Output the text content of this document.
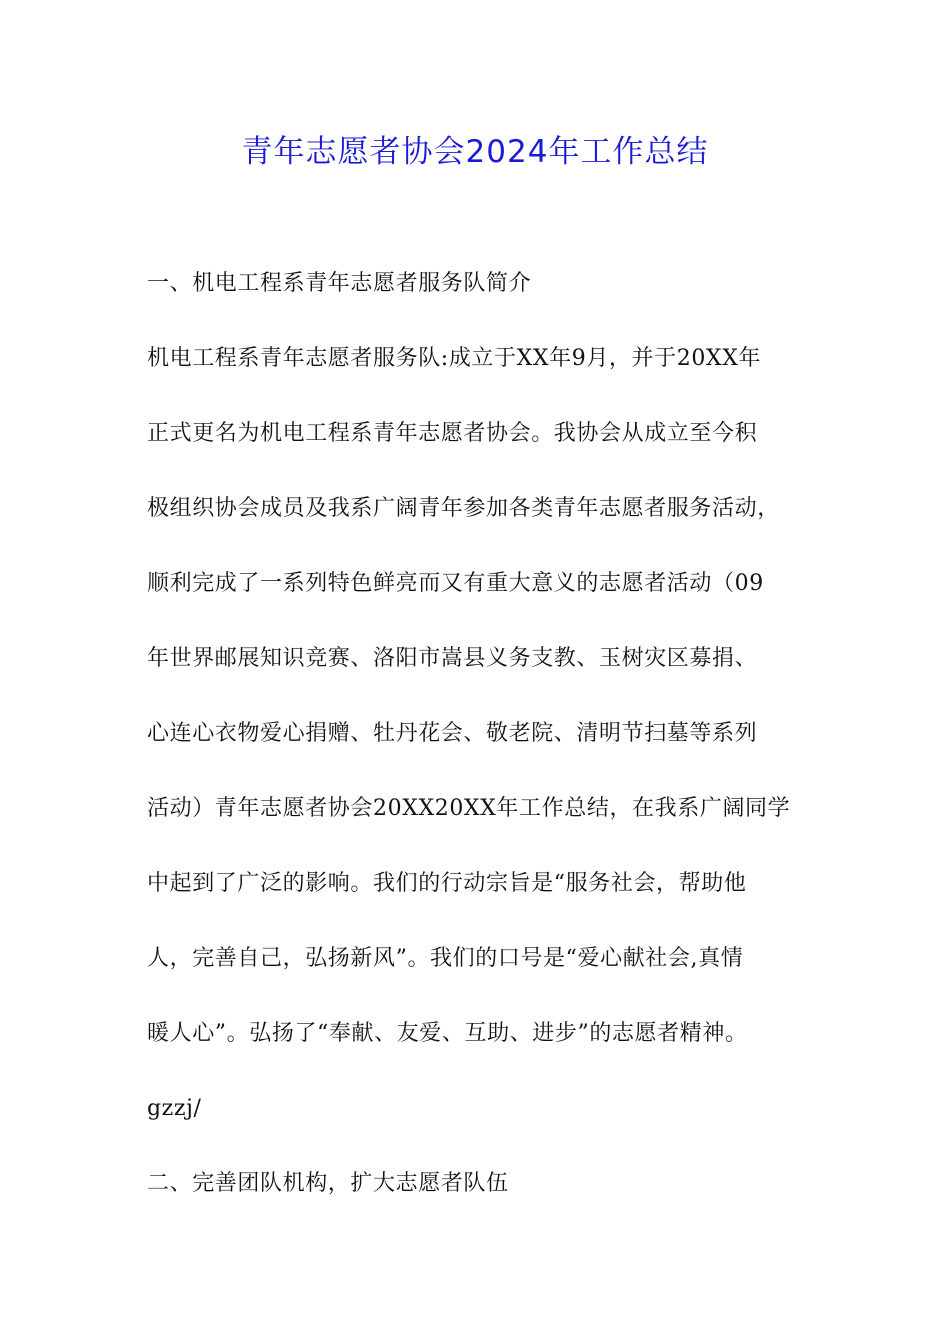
青年志愿者协会2024年工作总结
一、机电工程系青年志愿者服务队简介
机电工程系青年志愿者服务队:成立于XX年9月，并于20XX年
正式更名为机电工程系青年志愿者协会。我协会从成立至今积
极组织协会成员及我系广阔青年参加各类青年志愿者服务活动，
顺利完成了一系列特色鲜亮而又有重大意义的志愿者活动（09
年世界邮展知识竞赛、洛阳市嵩县义务支教、玉树灾区募捐、
心连心衣物爱心捐赠、牡丹花会、敬老院、清明节扫墓等系列
活动）青年志愿者协会20XX20XX年工作总结，在我系广阔同学
中起到了广泛的影响。我们的行动宗旨是“服务社会，帮助他
人，完善自己，弘扬新风”。我们的口号是“爱心献社会,真情
暖人心”。弘扬了“奉献、友爱、互助、进步”的志愿者精神。
gzzj/
二、完善团队机构，扩大志愿者队伍
